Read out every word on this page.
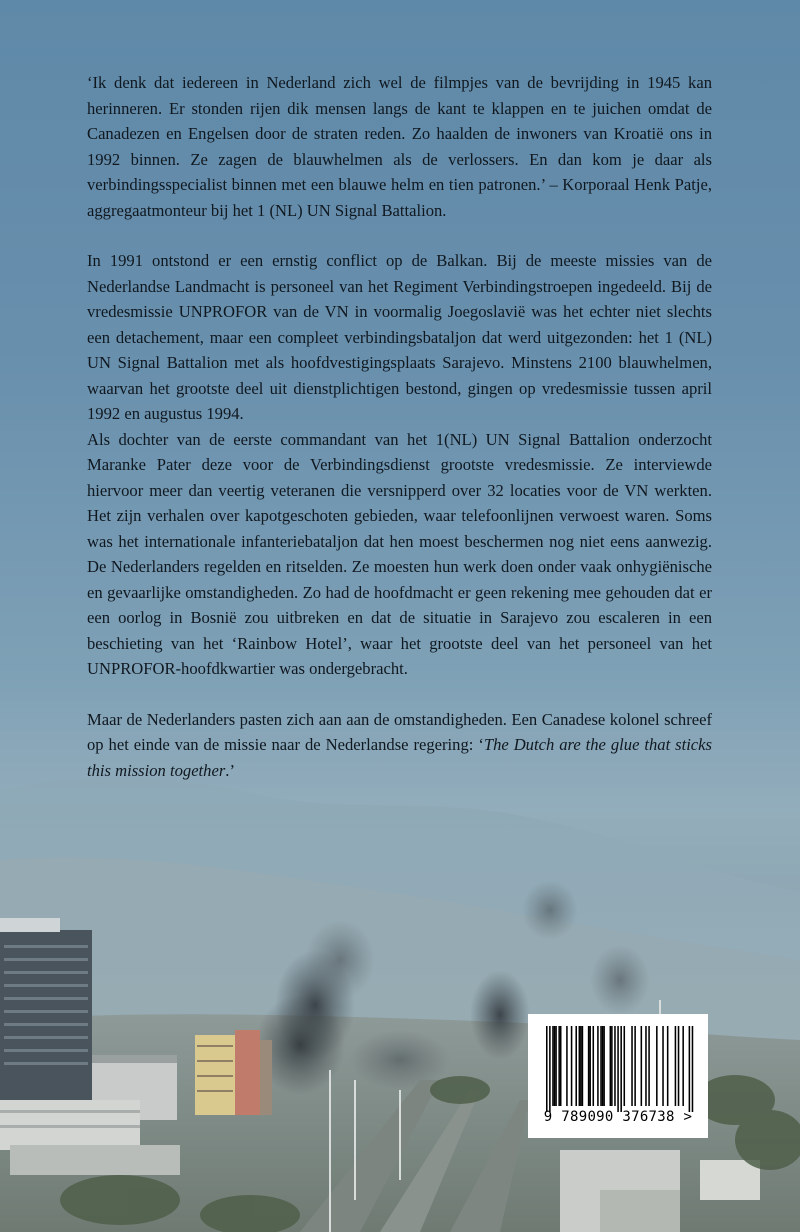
‘Ik denk dat iedereen in Nederland zich wel de filmpjes van de bevrijding in 1945 kan herinneren. Er stonden rijen dik mensen langs de kant te klappen en te juichen omdat de Canadezen en Engelsen door de straten reden. Zo haalden de inwoners van Kroatië ons in 1992 binnen. Ze zagen de blauwhelmen als de verlossers. En dan kom je daar als verbindingsspecialist binnen met een blauwe helm en tien patronen.’ – Korporaal Henk Patje, aggregaatmonteur bij het 1 (NL) UN Signal Battalion.

In 1991 ontstond er een ernstig conflict op de Balkan. Bij de meeste missies van de Nederlandse Landmacht is personeel van het Regiment Verbindingstroepen ingedeeld. Bij de vredesmissie UNPROFOR van de VN in voormalig Joegoslavië was het echter niet slechts een detachement, maar een compleet verbindingsbataljon dat werd uitgezonden: het 1 (NL) UN Signal Battalion met als hoofdvestigingsplaats Sarajevo. Minstens 2100 blauwhelmen, waarvan het grootste deel uit dienstplichtigen bestond, gingen op vredesmissie tussen april 1992 en augustus 1994.

Als dochter van de eerste commandant van het 1(NL) UN Signal Battalion onderzocht Maranke Pater deze voor de Verbindingsdienst grootste vredesmissie. Ze interviewde hiervoor meer dan veertig veteranen die versnipperd over 32 locaties voor de VN werkten. Het zijn verhalen over kapotgeschoten gebieden, waar telefoonlijnen verwoest waren. Soms was het internationale infanteriebataljon dat hen moest beschermen nog niet eens aanwezig. De Nederlanders regelden en ritselden. Ze moesten hun werk doen onder vaak onhygiënische en gevaarlijke omstandigheden. Zo had de hoofdmacht er geen rekening mee gehouden dat er een oorlog in Bosnië zou uitbreken en dat de situatie in Sarajevo zou escaleren in een beschieting van het ‘Rainbow Hotel’, waar het grootste deel van het personeel van het UNPROFOR-hoofdkwartier was ondergebracht.

Maar de Nederlanders pasten zich aan aan de omstandigheden. Een Canadese kolonel schreef op het einde van de missie naar de Nederlandse regering: ‘The Dutch are the glue that sticks this mission together.’

9 789090 376738 >
